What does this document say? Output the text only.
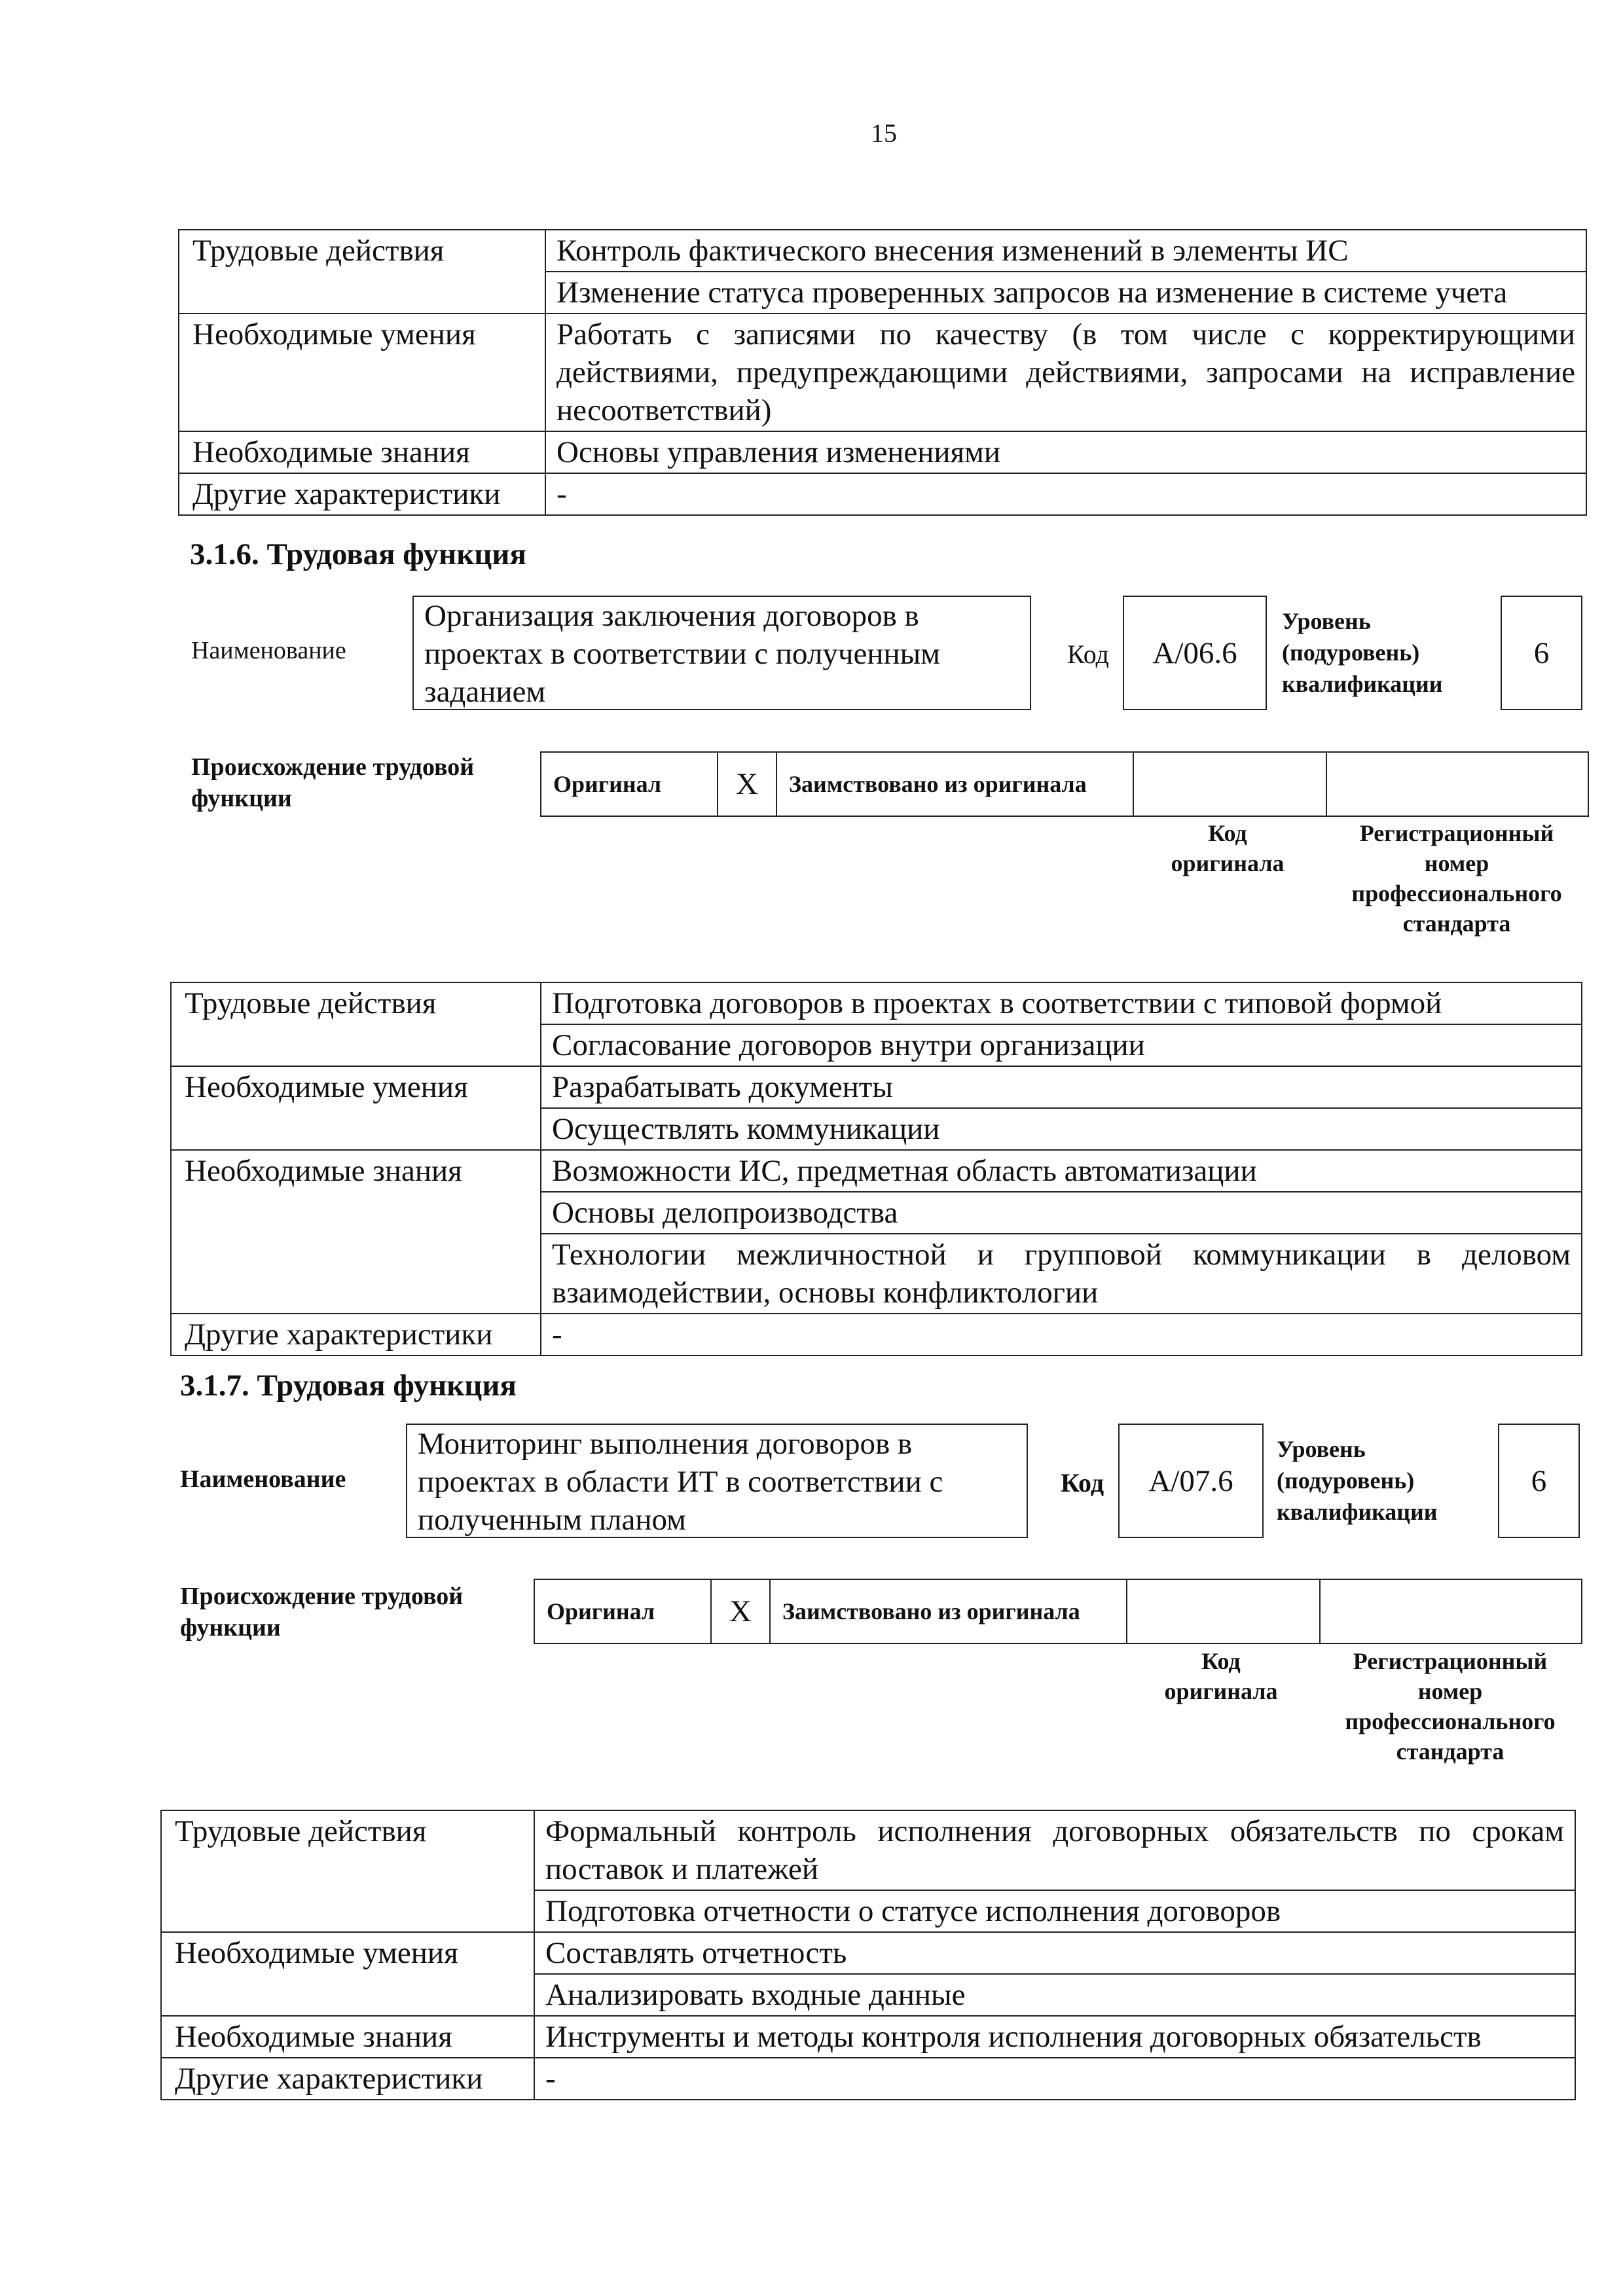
15
Трудовые действия	Контроль фактического внесения изменений в элементы ИС
	Изменение статуса проверенных запросов на изменение в системе учета
Необходимые умения	Работать с записями по качеству (в том числе с корректирующими действиями, предупреждающими действиями, запросами на исправление несоответствий)
Необходимые знания	Основы управления изменениями
Другие характеристики	-
3.1.6. Трудовая функция
Наименование
Организация заключения договоров в проектах в соответствии с полученным заданием
Код	A/06.6
Уровень
(подуровень)
квалификации
6
Происхождение трудовой
функции
Оригинал	X	Заимствовано из оригинала		
Код
оригинала
Регистрационный
номер
профессионального
стандарта
Трудовые действия	Подготовка договоров в проектах в соответствии с типовой формой
	Согласование договоров внутри организации
Необходимые умения	Разрабатывать документы
	Осуществлять коммуникации
Необходимые знания	Возможности ИС, предметная область автоматизации
	Основы делопроизводства
	Технологии межличностной и групповой коммуникации в деловом взаимодействии, основы конфликтологии
Другие характеристики	-
3.1.7. Трудовая функция
Наименование
Мониторинг выполнения договоров в проектах в области ИТ в соответствии с полученным планом
Код	A/07.6
Уровень
(подуровень)
квалификации
6
Происхождение трудовой
функции
Оригинал	X	Заимствовано из оригинала		
Код
оригинала
Регистрационный
номер
профессионального
стандарта
Трудовые действия	Формальный контроль исполнения договорных обязательств по срокам поставок и платежей
	Подготовка отчетности о статусе исполнения договоров
Необходимые умения	Составлять отчетность
	Анализировать входные данные
Необходимые знания	Инструменты и методы контроля исполнения договорных обязательств
Другие характеристики	-
